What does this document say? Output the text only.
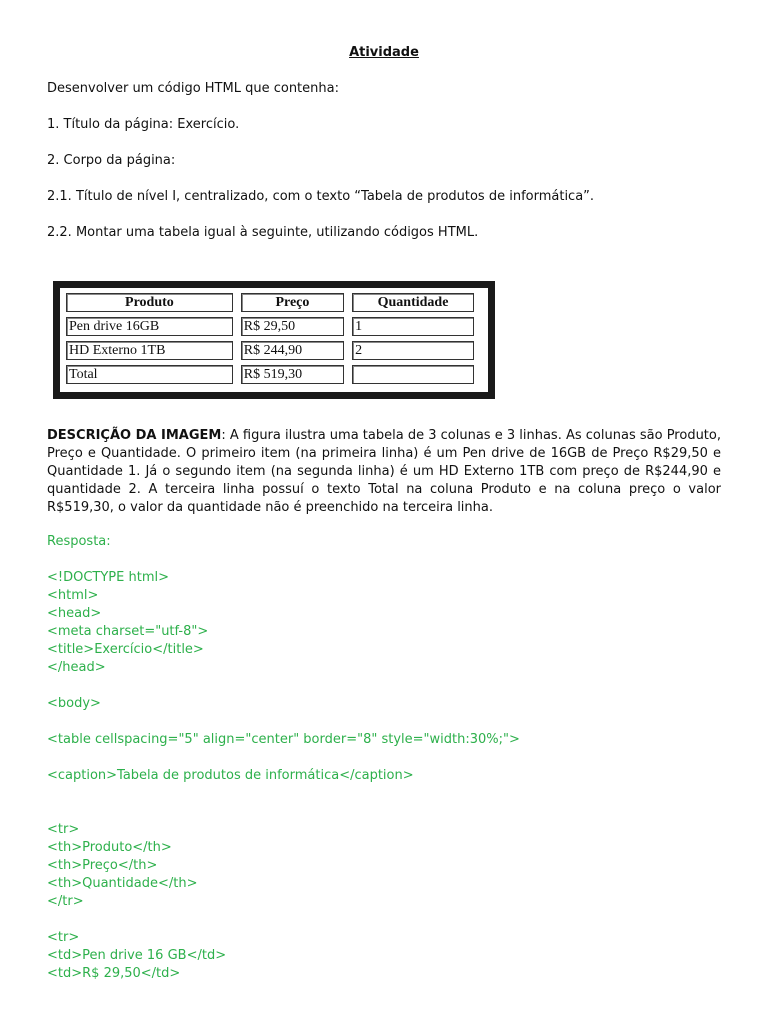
Atividade

Desenvolver um código HTML que contenha:

1. Título da página: Exercício.

2. Corpo da página:

2.1. Título de nível I, centralizado, com o texto “Tabela de produtos de informática”.

2.2. Montar uma tabela igual à seguinte, utilizando códigos HTML.

Produto	Preço	Quantidade
Pen drive 16GB	R$ 29,50	1
HD Externo 1TB	R$ 244,90	2
Total	R$ 519,30	

DESCRIÇÃO DA IMAGEM: A figura ilustra uma tabela de 3 colunas e 3 linhas. As colunas são Produto, Preço e Quantidade. O primeiro item (na primeira linha) é um Pen drive de 16GB de Preço R$29,50 e Quantidade 1. Já o segundo item (na segunda linha) é um HD Externo 1TB com preço de R$244,90 e quantidade 2. A terceira linha possuí o texto Total na coluna Produto e na coluna preço o valor R$519,30, o valor da quantidade não é preenchido na terceira linha.

Resposta:

<!DOCTYPE html>

<html>

<head>

<meta charset="utf-8">

<title>Exercício</title>

</head>

<body>

<table cellspacing="5" align="center" border="8" style="width:30%;">

<caption>Tabela de produtos de informática</caption>

<tr>

<th>Produto</th>

<th>Preço</th>

<th>Quantidade</th>

</tr>

<tr>

<td>Pen drive 16 GB</td>

<td>R$ 29,50</td>
